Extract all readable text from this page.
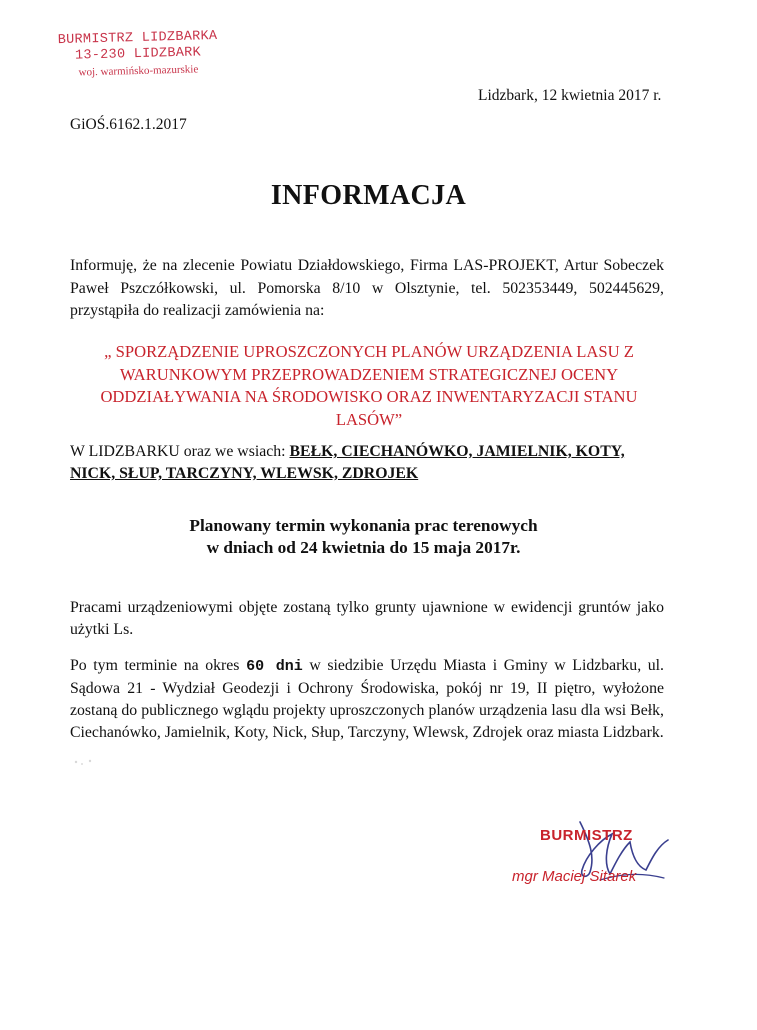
BURMISTRZ LIDZBARKA
13-230 LIDZBARK
woj. warmińsko-mazurskie
Lidzbark, 12 kwietnia 2017 r.
GiOŚ.6162.1.2017
INFORMACJA
Informuję, że na zlecenie Powiatu Działdowskiego, Firma LAS-PROJEKT, Artur Sobeczek Paweł Pszczółkowski, ul. Pomorska 8/10 w Olsztynie, tel. 502353449, 502445629, przystąpiła do realizacji zamówienia na:
„ SPORZĄDZENIE UPROSZCZONYCH PLANÓW URZĄDZENIA LASU Z WARUNKOWYM PRZEPROWADZENIEM STRATEGICZNEJ OCENY ODDZIAŁYWANIA NA ŚRODOWISKO ORAZ INWENTARYZACJI STANU LASÓW”
W LIDZBARKU oraz we wsiach: BEŁK, CIECHANÓWKO, JAMIELNIK, KOTY, NICK, SŁUP, TARCZYNY, WLEWSK, ZDROJEK
Planowany termin wykonania prac terenowych
w dniach od 24 kwietnia do 15 maja 2017r.
Pracami urządzeniowymi objęte zostaną tylko grunty ujawnione w ewidencji gruntów jako użytki Ls.
Po tym terminie na okres 60 dni w siedzibie Urzędu Miasta i Gminy w Lidzbarku, ul. Sądowa 21 - Wydział Geodezji i Ochrony Środowiska, pokój nr 19, II piętro, wyłożone zostaną do publicznego wglądu projekty uproszczonych planów urządzenia lasu dla wsi Bełk, Ciechanówko, Jamielnik, Koty, Nick, Słup, Tarczyny, Wlewsk, Zdrojek oraz miasta Lidzbark.
BURMISTRZ
mgr Maciej Sitarek
